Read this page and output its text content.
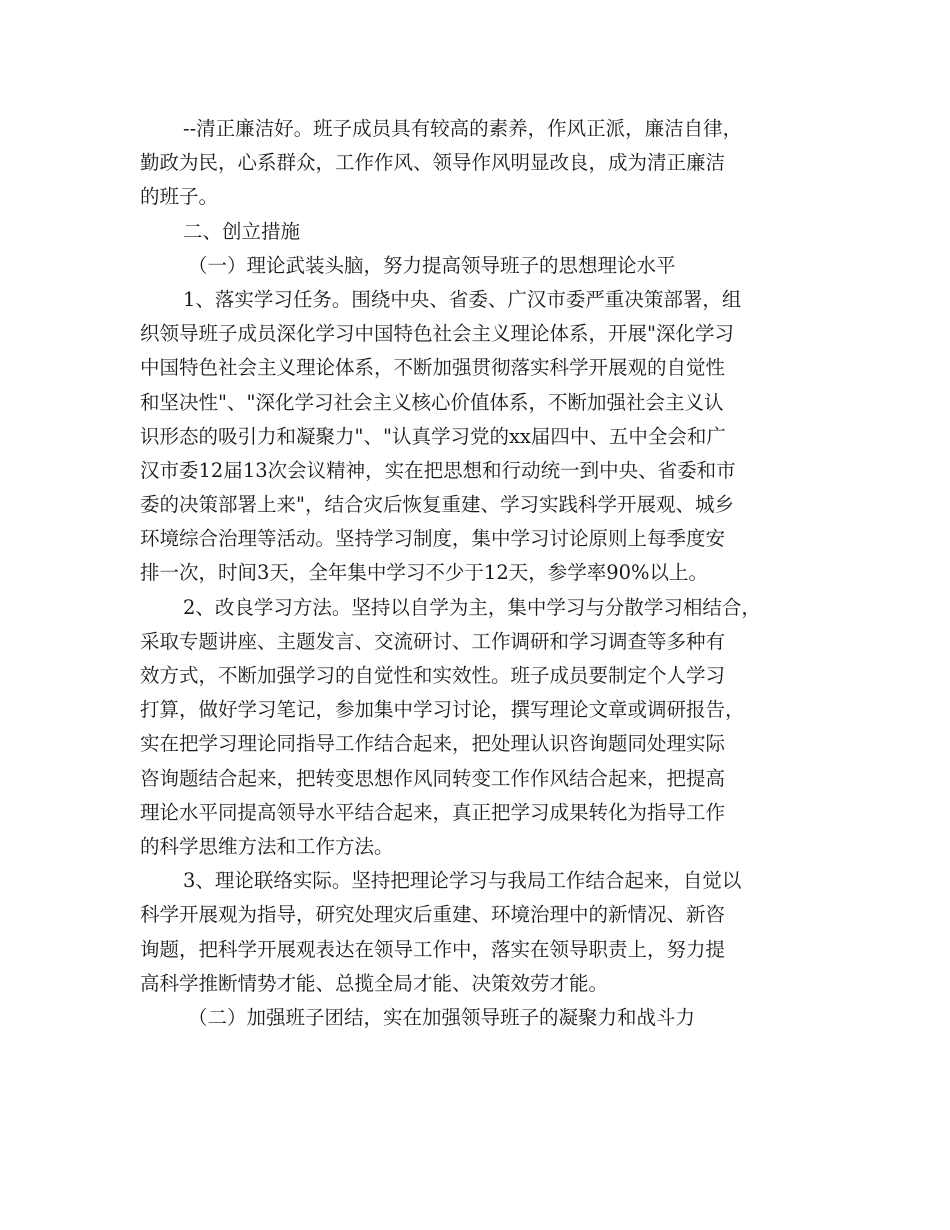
--清正廉洁好。班子成员具有较高的素养，作风正派，廉洁自律，
勤政为民，心系群众，工作作风、领导作风明显改良，成为清正廉洁
的班子。
二、创立措施
（一）理论武装头脑，努力提高领导班子的思想理论水平
1、落实学习任务。围绕中央、省委、广汉市委严重决策部署，组
织领导班子成员深化学习中国特色社会主义理论体系，开展"深化学习
中国特色社会主义理论体系，不断加强贯彻落实科学开展观的自觉性
和坚决性"、"深化学习社会主义核心价值体系，不断加强社会主义认
识形态的吸引力和凝聚力"、"认真学习党的xx届四中、五中全会和广
汉市委12届13次会议精神，实在把思想和行动统一到中央、省委和市
委的决策部署上来"，结合灾后恢复重建、学习实践科学开展观、城乡
环境综合治理等活动。坚持学习制度，集中学习讨论原则上每季度安
排一次，时间3天，全年集中学习不少于12天，参学率90%以上。
2、改良学习方法。坚持以自学为主，集中学习与分散学习相结合，
采取专题讲座、主题发言、交流研讨、工作调研和学习调查等多种有
效方式，不断加强学习的自觉性和实效性。班子成员要制定个人学习
打算，做好学习笔记，参加集中学习讨论，撰写理论文章或调研报告，
实在把学习理论同指导工作结合起来，把处理认识咨询题同处理实际
咨询题结合起来，把转变思想作风同转变工作作风结合起来，把提高
理论水平同提高领导水平结合起来，真正把学习成果转化为指导工作
的科学思维方法和工作方法。
3、理论联络实际。坚持把理论学习与我局工作结合起来，自觉以
科学开展观为指导，研究处理灾后重建、环境治理中的新情况、新咨
询题，把科学开展观表达在领导工作中，落实在领导职责上，努力提
高科学推断情势才能、总揽全局才能、决策效劳才能。
（二）加强班子团结，实在加强领导班子的凝聚力和战斗力
